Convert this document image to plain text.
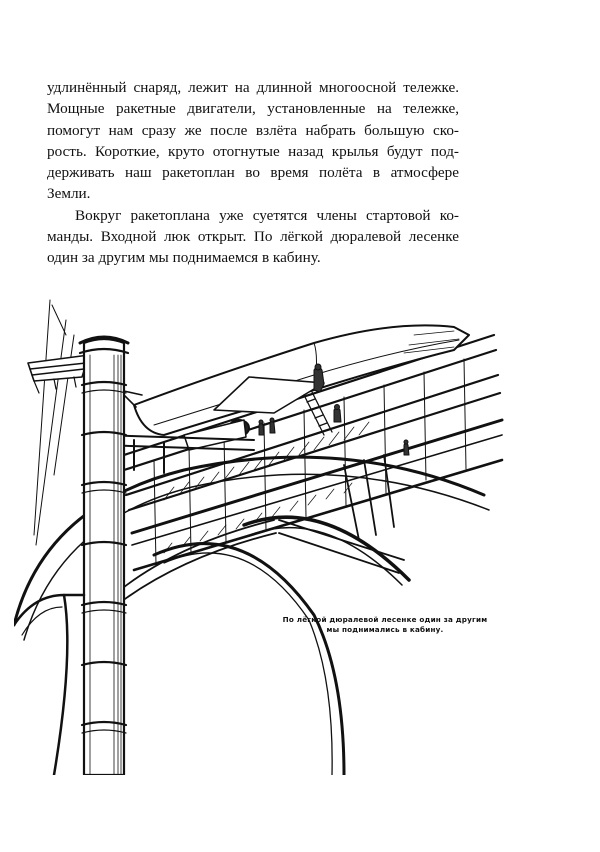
удлинённый снаряд, лежит на длинной многоосной тележке.
Мощные ракетные двигатели, установленные на тележке,
помогут нам сразу же после взлёта набрать большую ско-
рость. Короткие, круто отогнутые назад крылья будут под-
держивать наш ракетоплан во время полёта в атмосфере
Земли.

Вокруг ракетоплана уже суетятся члены стартовой ко-
манды. Входной люк открыт. По лёгкой дюралевой лесенке
один за другим мы поднимаемся в кабину.

По лёгкой дюралевой лесенке один за другим
мы поднимались в кабину.
